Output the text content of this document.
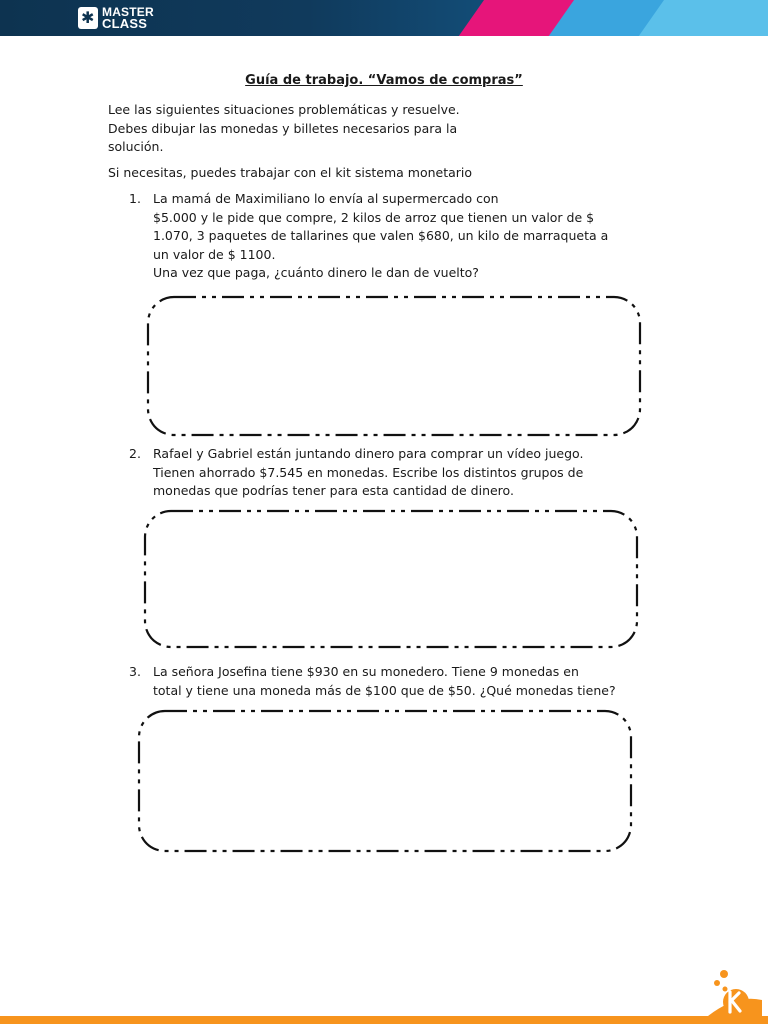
✱
MASTER
CLASS
Guía de trabajo. “Vamos de compras”
Lee las siguientes situaciones problemáticas y resuelve.
Debes dibujar las monedas y billetes necesarios para la
solución.
Si necesitas, puedes trabajar con el kit sistema monetario
1. La mamá de Maximiliano lo envía al supermercado con
$5.000 y le pide que compre, 2 kilos de arroz que tienen un valor de $
1.070, 3 paquetes de tallarines que valen $680, un kilo de marraqueta a
un valor de $ 1100.
Una vez que paga, ¿cuánto dinero le dan de vuelto?
2. Rafael y Gabriel están juntando dinero para comprar un vídeo juego.
Tienen ahorrado $7.545 en monedas. Escribe los distintos grupos de
monedas que podrías tener para esta cantidad de dinero.
3. La señora Josefina tiene $930 en su monedero. Tiene 9 monedas en
total y tiene una moneda más de $100 que de $50. ¿Qué monedas tiene?
